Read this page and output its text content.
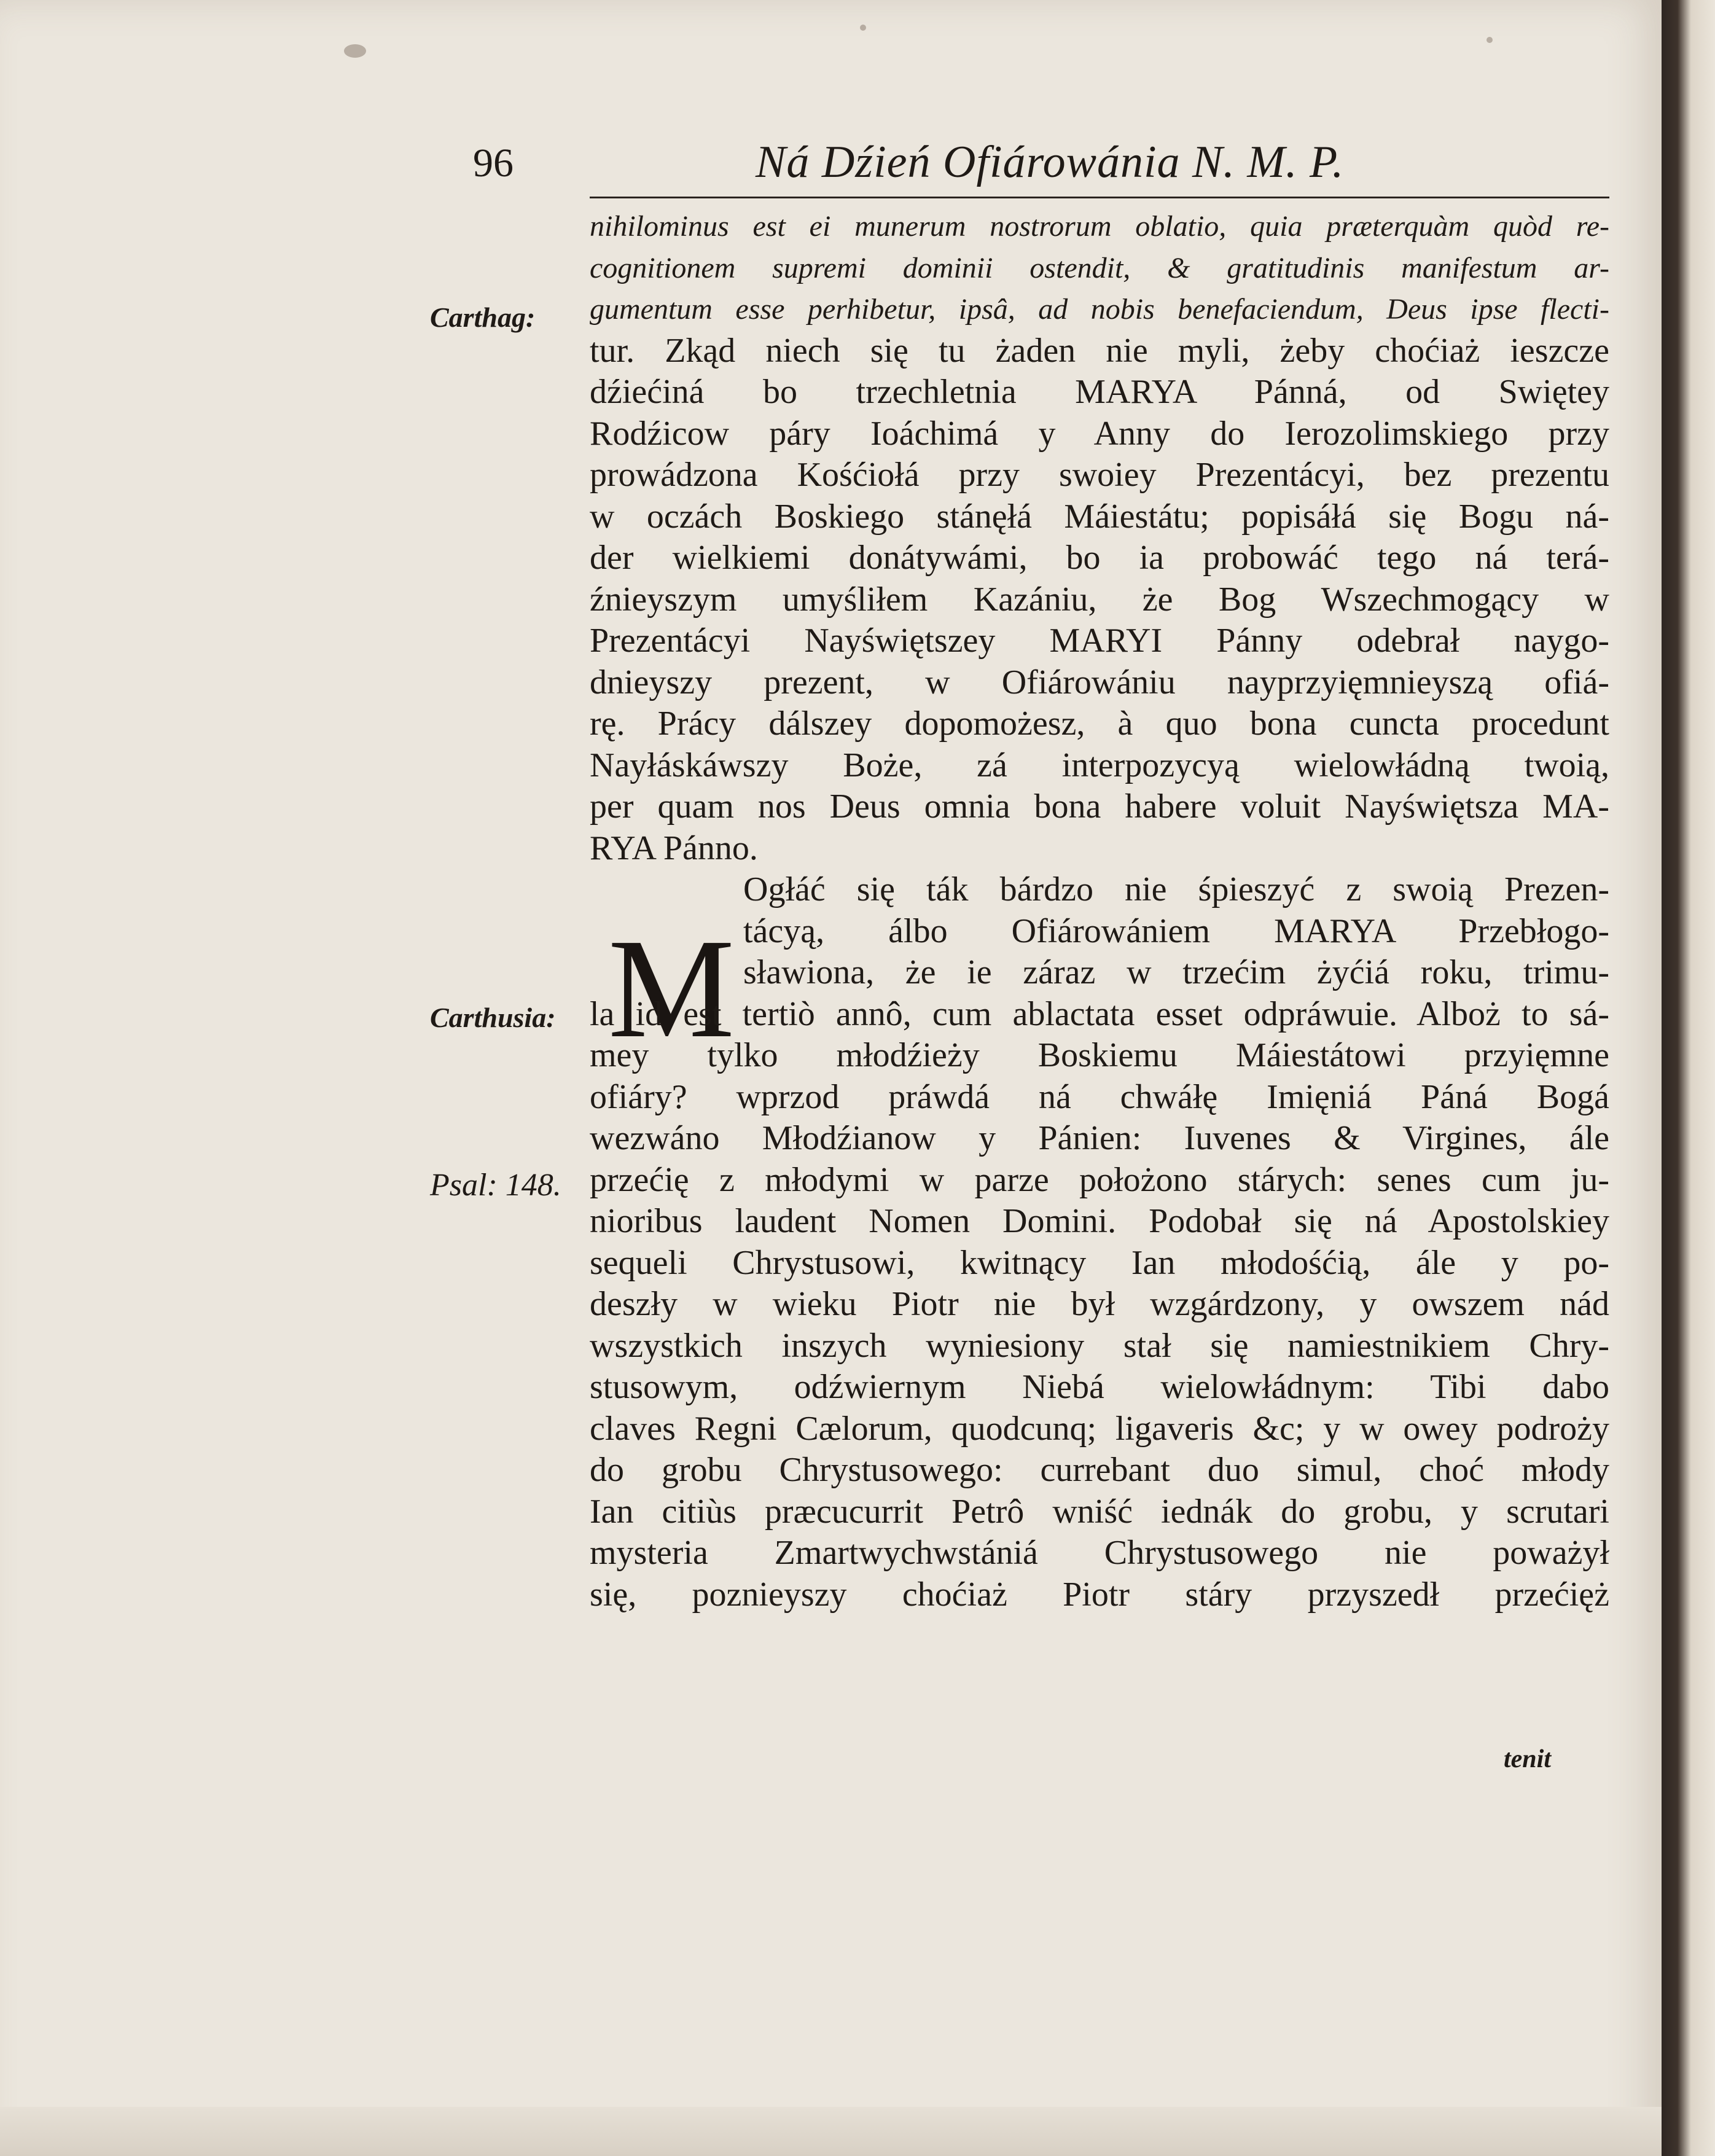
96	Ná Dźień Ofiárowánia N. M. P.
Carthag:
Carthusia:
Psal: 148.
M
nihilominus est ei munerum nostrorum oblatio, quia præterquàm quòd re-
cognitionem supremi dominii ostendit, & gratitudinis manifestum ar-
gumentum esse perhibetur, ipsâ, ad nobis benefaciendum, Deus ipse flecti-
tur. Zkąd niech się tu żaden nie myli, żeby choćiaż ieszcze
dźiećiná bo trzechletnia MARYA Pánná, od Swiętey
Rodźicow páry Ioáchimá y Anny do Ierozolimskiego przy
prowádzona Kośćiołá przy swoiey Prezentácyi, bez prezentu
w oczách Boskiego stánęłá Máiestátu; popisáłá się Bogu ná-
der wielkiemi donátywámi, bo ia probowáć tego ná terá-
źnieyszym umyśliłem Kazániu, że Bog Wszechmogący w
Prezentácyi Nayświętszey MARYI Pánny odebrał naygo-
dnieyszy prezent, w Ofiárowániu nayprzyięmnieyszą ofiá-
rę. Prácy dálszey dopomożesz, à quo bona cuncta procedunt
Nayłáskáwszy Boże, zá interpozycyą wielowłádną twoią,
per quam nos Deus omnia bona habere voluit Nayświętsza MA-
RYA Pánno.
Ogłáć się ták bárdzo nie śpieszyć z swoią Prezen-
tácyą, álbo Ofiárowániem MARYA Przebłogo-
sławiona, że ie záraz w trzećim żyćiá roku, trimu-
la id est tertiò annô, cum ablactata esset odpráwuie. Alboż to sá-
mey tylko młodźieży Boskiemu Máiestátowi przyięmne
ofiáry? wprzod práwdá ná chwáłę Imięniá Páná Bogá
wezwáno Młodźianow y Pánien: Iuvenes & Virgines, ále
przećię z młodymi w parze położono stárych: senes cum ju-
nioribus laudent Nomen Domini. Podobał się ná Apostolskiey
sequeli Chrystusowi, kwitnący Ian młodośćią, ále y po-
deszły w wieku Piotr nie był wzgárdzony, y owszem nád
wszystkich inszych wyniesiony stał się namiestnikiem Chry-
stusowym, odźwiernym Niebá wielowłádnym: Tibi dabo
claves Regni Cælorum, quodcunq; ligaveris &c; y w owey podroży
do grobu Chrystusowego: currebant duo simul, choć młody
Ian citiùs præcucurrit Petrô wniść iednák do grobu, y scrutari
mysteria Zmartwychwstániá Chrystusowego nie poważył
się, poznieyszy choćiaż Piotr stáry przyszedł przećięż
tenit
